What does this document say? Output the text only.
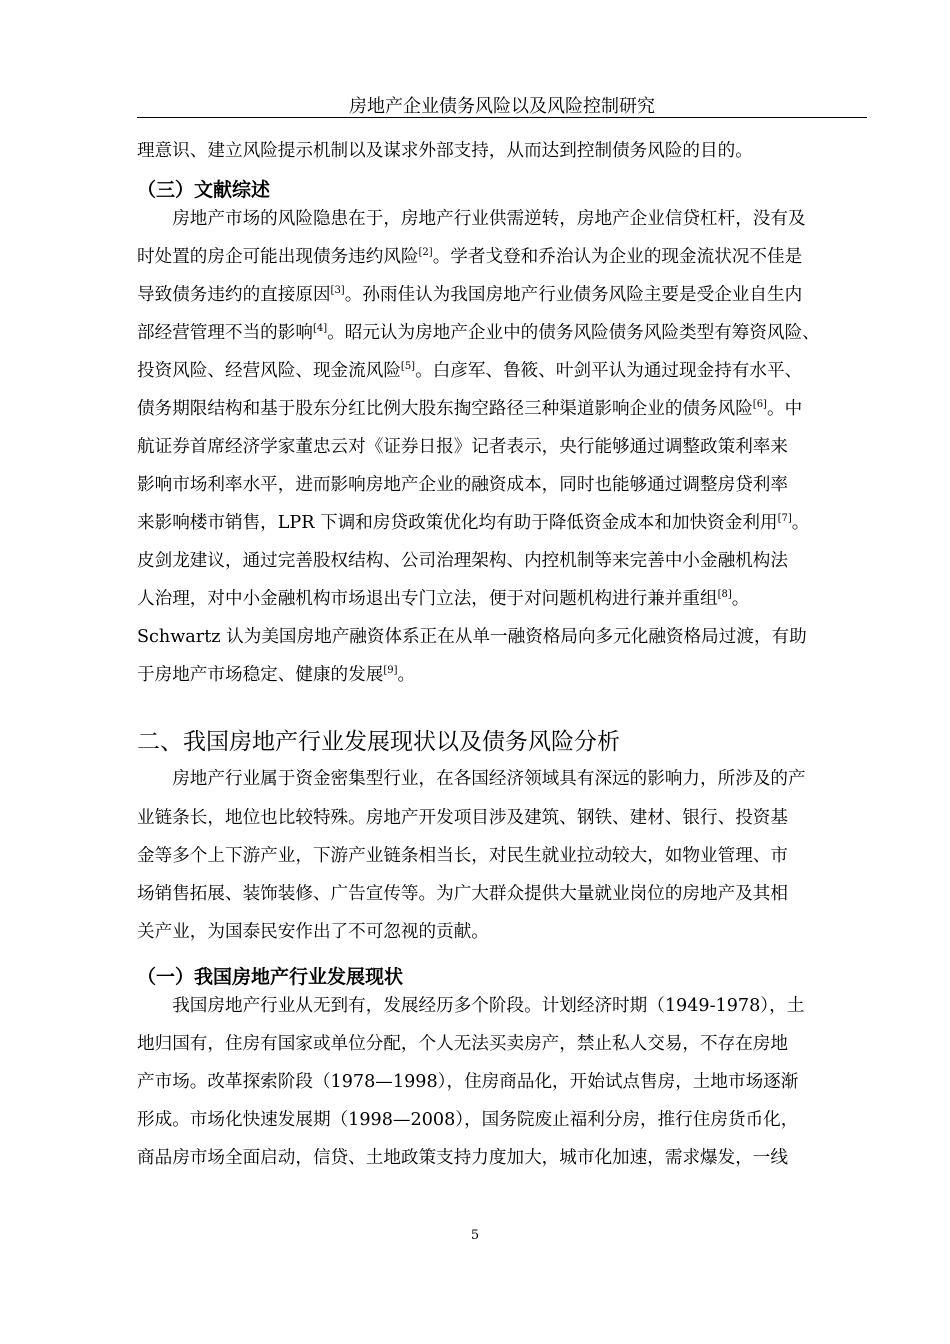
房地产企业债务风险以及风险控制研究
理意识、建立风险提示机制以及谋求外部支持，从而达到控制债务风险的目的。
（三）文献综述
　　房地产市场的风险隐患在于，房地产行业供需逆转，房地产企业信贷杠杆，没有及
时处置的房企可能出现债务违约风险[2]。学者戈登和乔治认为企业的现金流状况不佳是
导致债务违约的直接原因[3]。孙雨佳认为我国房地产行业债务风险主要是受企业自生内
部经营管理不当的影响[4]。昭元认为房地产企业中的债务风险债务风险类型有筹资风险、
投资风险、经营风险、现金流风险[5]。白彦军、鲁筱、叶剑平认为通过现金持有水平、
债务期限结构和基于股东分红比例大股东掏空路径三种渠道影响企业的债务风险[6]。中
航证券首席经济学家董忠云对《证券日报》记者表示，央行能够通过调整政策利率来
影响市场利率水平，进而影响房地产企业的融资成本，同时也能够通过调整房贷利率
来影响楼市销售，LPR 下调和房贷政策优化均有助于降低资金成本和加快资金利用[7]。
皮剑龙建议，通过完善股权结构、公司治理架构、内控机制等来完善中小金融机构法
人治理，对中小金融机构市场退出专门立法，便于对问题机构进行兼并重组[8]。
Schwartz 认为美国房地产融资体系正在从单一融资格局向多元化融资格局过渡，有助
于房地产市场稳定、健康的发展[9]。
二、我国房地产行业发展现状以及债务风险分析
　　房地产行业属于资金密集型行业，在各国经济领域具有深远的影响力，所涉及的产
业链条长，地位也比较特殊。房地产开发项目涉及建筑、钢铁、建材、银行、投资基
金等多个上下游产业，下游产业链条相当长，对民生就业拉动较大，如物业管理、市
场销售拓展、装饰装修、广告宣传等。为广大群众提供大量就业岗位的房地产及其相
关产业，为国泰民安作出了不可忽视的贡献。
（一）我国房地产行业发展现状
　　我国房地产行业从无到有，发展经历多个阶段。计划经济时期（1949-1978），土
地归国有，住房有国家或单位分配，个人无法买卖房产，禁止私人交易，不存在房地
产市场。改革探索阶段（1978—1998），住房商品化，开始试点售房，土地市场逐渐
形成。市场化快速发展期（1998—2008），国务院废止福利分房，推行住房货币化，
商品房市场全面启动，信贷、土地政策支持力度加大，城市化加速，需求爆发，一线
5
